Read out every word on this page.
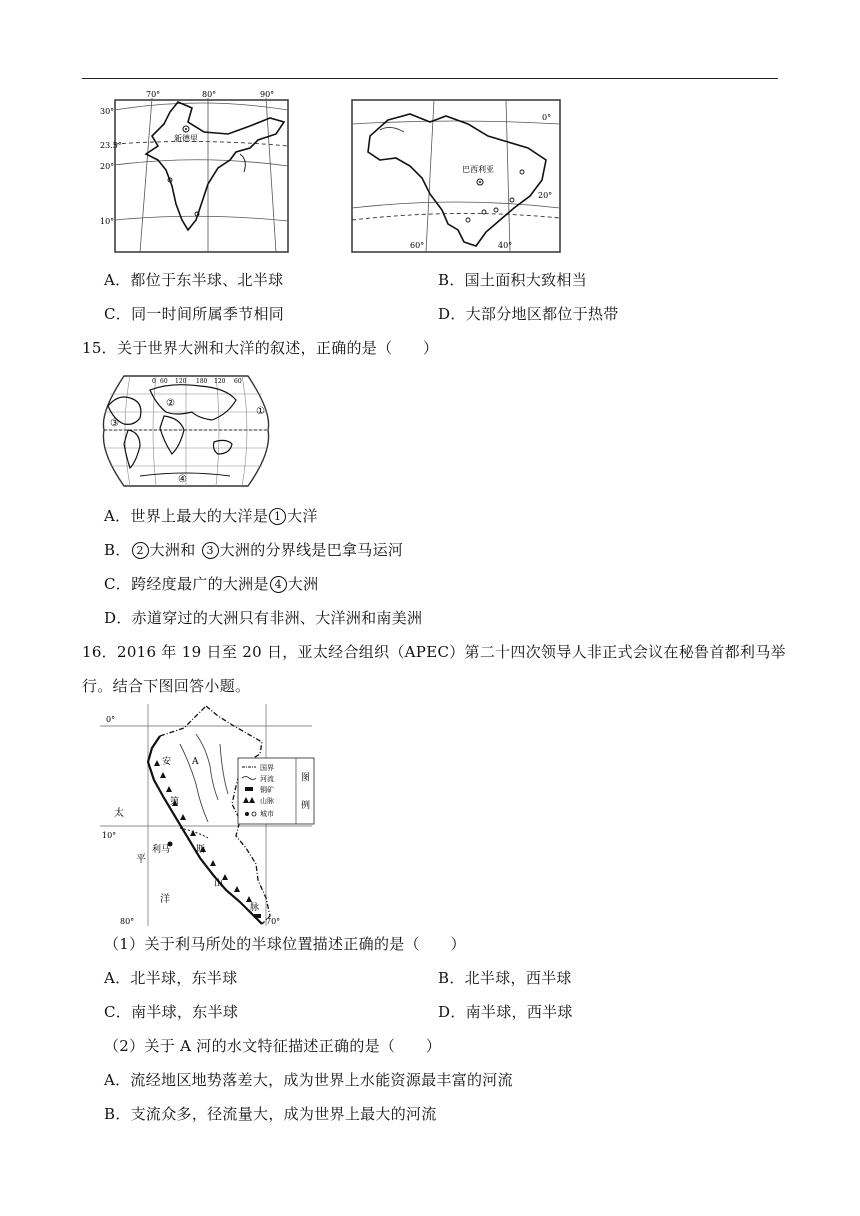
新德里
70°	80°	90°
30°
23.5°
20°
10°
巴西利亚
0°
20°
60°	40°
A．都位于东半球、北半球	B．国土面积大致相当
C．同一时间所属季节相同	D．大部分地区都位于热带
15．关于世界大洲和大洋的叙述，正确的是（　　）
0 60 120 180 120 60
①
②
③
④
A．世界上最大的大洋是 1 大洋
B． 2 大洲和 3 大洲的分界线是巴拿马运河
C．跨经度最广的大洲是 4 大洲
D．赤道穿过的大洲只有非洲、大洋洲和南美洲
16．2016 年 19 日至 20 日，亚太经合组织（APEC）第二十四次领导人非正式会议在秘鲁首都利马举
行。结合下图回答小题。
利马
A
安
第
斯
山
脉
太
平
洋
0°
10°
80°	70°
国界
河流
铜矿
山脉
城市
图
例
（1）关于利马所处的半球位置描述正确的是（　　）
A．北半球，东半球	B．北半球，西半球
C．南半球，东半球	D．南半球，西半球
（2）关于 A 河的水文特征描述正确的是（　　）
A．流经地区地势落差大，成为世界上水能资源最丰富的河流
B．支流众多，径流量大，成为世界上最大的河流
